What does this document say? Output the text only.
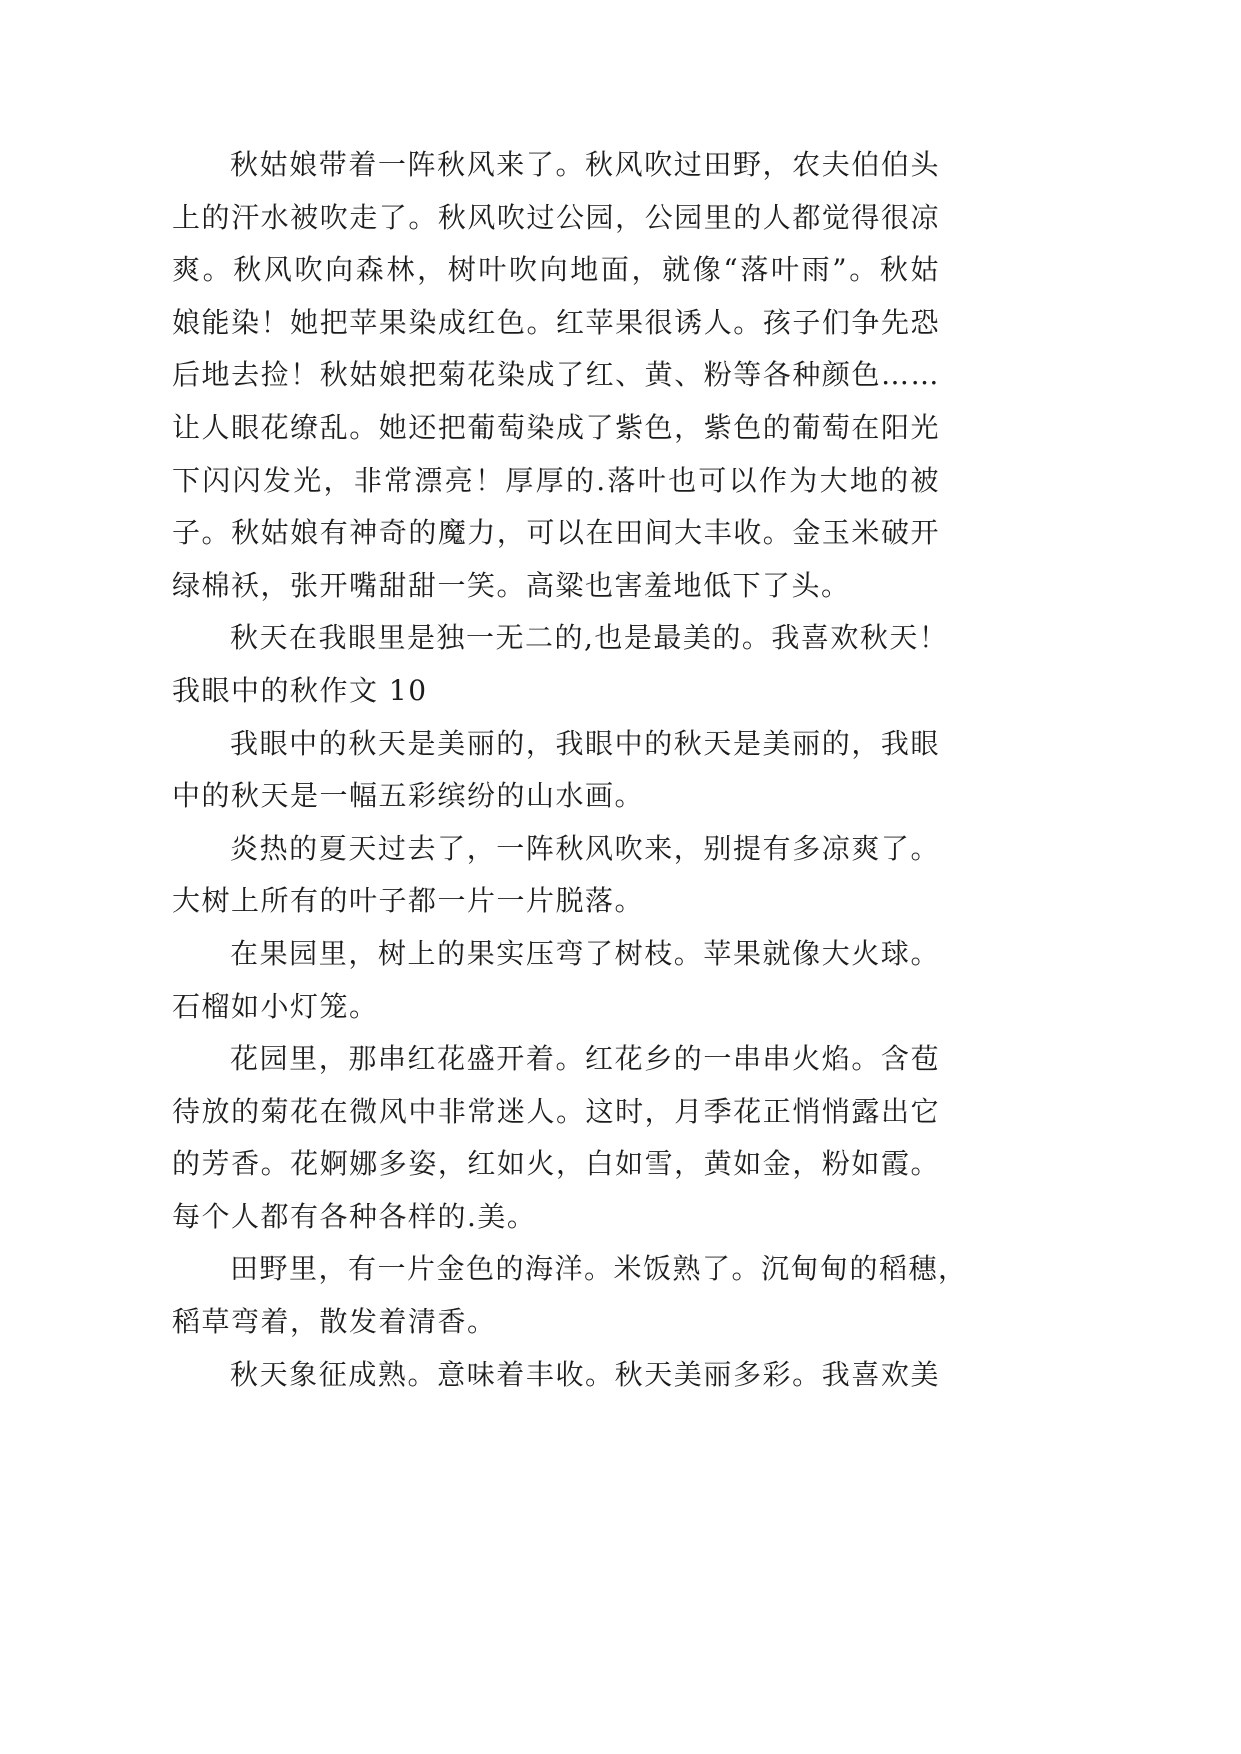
秋姑娘带着一阵秋风来了。秋风吹过田野，农夫伯伯头
上的汗水被吹走了。秋风吹过公园，公园里的人都觉得很凉
爽。秋风吹向森林，树叶吹向地面，就像“落叶雨”。秋姑
娘能染！她把苹果染成红色。红苹果很诱人。孩子们争先恐
后地去捡！秋姑娘把菊花染成了红、黄、粉等各种颜色……
让人眼花缭乱。她还把葡萄染成了紫色，紫色的葡萄在阳光
下闪闪发光，非常漂亮！厚厚的.落叶也可以作为大地的被
子。秋姑娘有神奇的魔力，可以在田间大丰收。金玉米破开
绿棉袄，张开嘴甜甜一笑。高粱也害羞地低下了头。
秋天在我眼里是独一无二的,也是最美的。我喜欢秋天！
我眼中的秋作文 10
我眼中的秋天是美丽的，我眼中的秋天是美丽的，我眼
中的秋天是一幅五彩缤纷的山水画。
炎热的夏天过去了，一阵秋风吹来，别提有多凉爽了。
大树上所有的叶子都一片一片脱落。
在果园里，树上的果实压弯了树枝。苹果就像大火球。
石榴如小灯笼。
花园里，那串红花盛开着。红花乡的一串串火焰。含苞
待放的菊花在微风中非常迷人。这时，月季花正悄悄露出它
的芳香。花婀娜多姿，红如火，白如雪，黄如金，粉如霞。
每个人都有各种各样的.美。
田野里，有一片金色的海洋。米饭熟了。沉甸甸的稻穗，
稻草弯着，散发着清香。
秋天象征成熟。意味着丰收。秋天美丽多彩。我喜欢美
